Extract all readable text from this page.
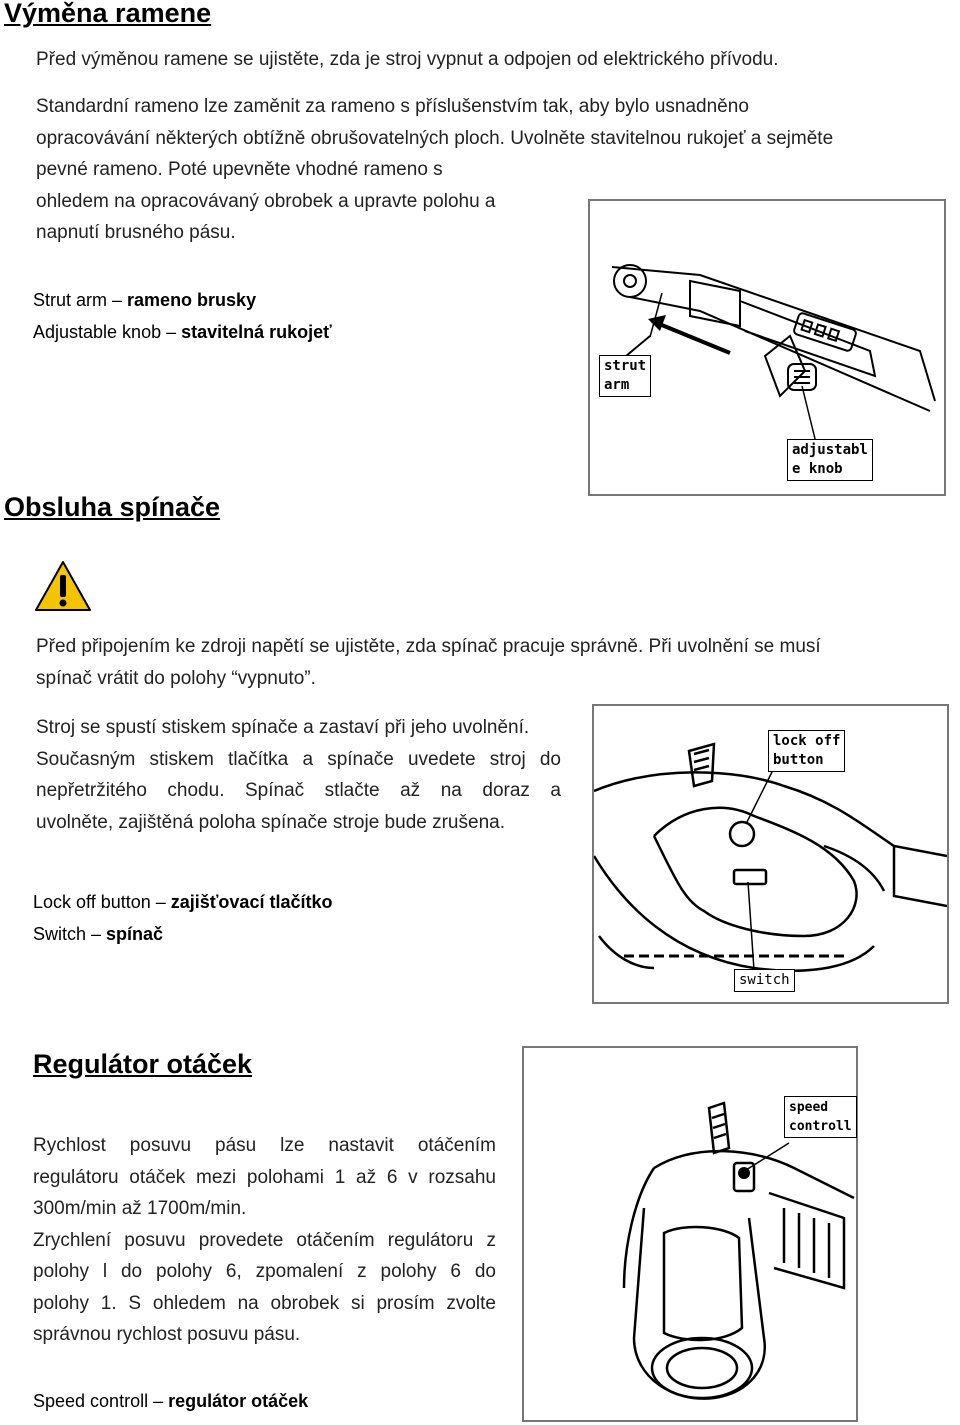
Výměna ramene
Před výměnou ramene se ujistěte, zda je stroj vypnut a odpojen od elektrického přívodu.
Standardní rameno lze zaměnit za rameno s příslušenstvím tak, aby bylo usnadněno
opracovávání některých obtížně obrušovatelných ploch. Uvolněte stavitelnou rukojeť a sejměte
pevné rameno. Poté upevněte vhodné rameno s
ohledem na opracovávaný obrobek a upravte polohu a
napnutí brusného pásu.
Strut arm – rameno brusky
Adjustable knob – stavitelná rukojeť
strut
arm
adjustabl
e knob
Obsluha spínače
Před připojením ke zdroji napětí se ujistěte, zda spínač pracuje správně. Při uvolnění se musí
spínač vrátit do polohy “vypnuto”.
Stroj se spustí stiskem spínače a zastaví při jeho uvolnění.
Současným stiskem tlačítka a spínače uvedete stroj do
nepřetržitého chodu. Spínač stlačte až na doraz a
uvolněte, zajištěná poloha spínače stroje bude zrušena.
Lock off button – zajišťovací tlačítko
Switch – spínač
lock off
button
switch
Regulátor otáček
Rychlost posuvu pásu lze nastavit otáčením
regulátoru otáček mezi polohami 1 až 6 v rozsahu
300m/min až 1700m/min.
Zrychlení posuvu provedete otáčením regulátoru z
polohy l do polohy 6, zpomalení z polohy 6 do
polohy 1. S ohledem na obrobek si prosím zvolte
správnou rychlost posuvu pásu.
Speed controll – regulátor otáček
speed
controll
